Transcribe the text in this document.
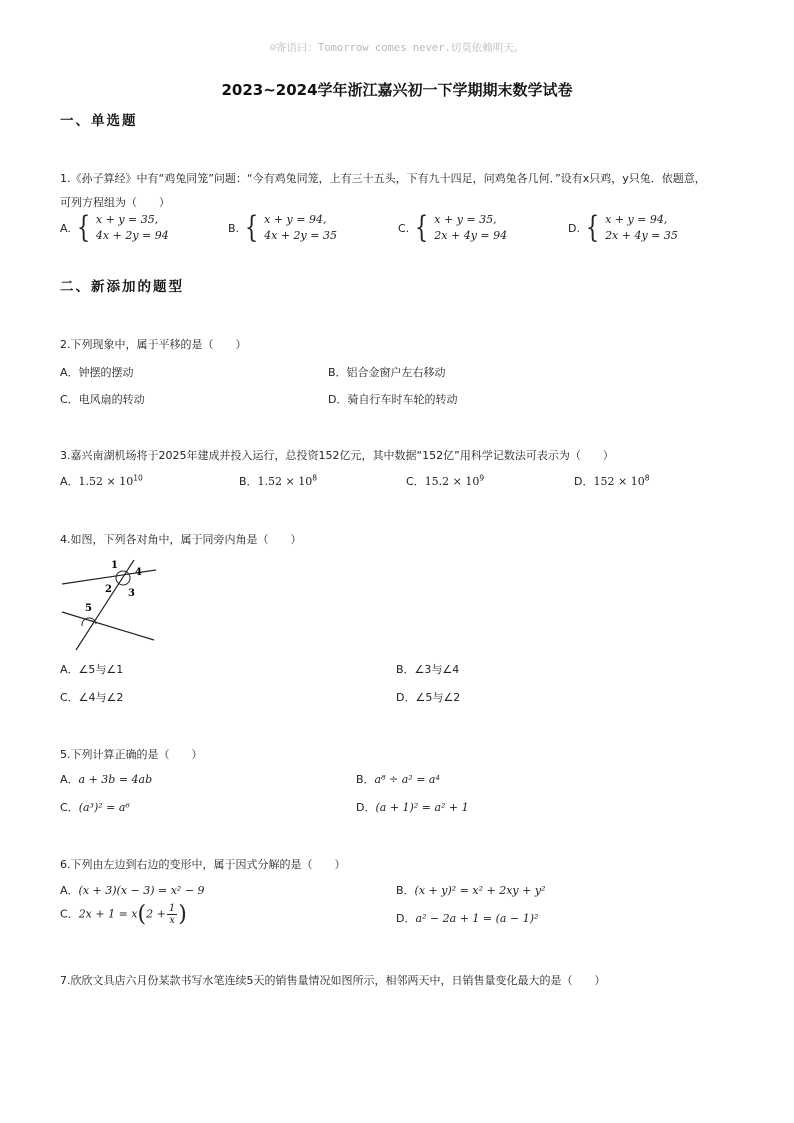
☺寄语曰：Tomorrow comes never.切莫依赖明天。
2023~2024学年浙江嘉兴初一下学期期末数学试卷
一、单选题
1.《孙子算经》中有“鸡兔同笼”问题：“今有鸡兔同笼，上有三十五头，下有九十四足，问鸡兔各几何．”设有x只鸡，y只兔．依题意，
可列方程组为（　　）
A. { x + y = 35,
4x + 2y = 94
B. { x + y = 94,
4x + 2y = 35
C. { x + y = 35,
2x + 4y = 94
D. { x + y = 94,
2x + 4y = 35
二、新添加的题型
2.下列现象中，属于平移的是（　　）
A．钟摆的摆动	B．铝合金窗户左右移动
C．电风扇的转动	D．骑自行车时车轮的转动
3.嘉兴南湖机场将于2025年建成并投入运行，总投资152亿元，其中数据“152亿”用科学记数法可表示为（　　）
A．$1.52 \times 10^{10}$	B．$1.52 \times 10^8$	C．$15.2 \times 10^9$	D．$152 \times 10^8$
4.如图，下列各对角中，属于同旁内角是（　　）
1
2 3
4
5
A．∠5与∠1	B．∠3与∠4
C．∠4与∠2	D．∠5与∠2
5.下列计算正确的是（　　）
A．a + 3b = 4ab	B．a⁸ ÷ a² = a⁴
C．(a³)² = a⁶	D．(a + 1)² = a² + 1
6.下列由左边到右边的变形中，属于因式分解的是（　　）
A．(x + 3)(x − 3) = x² − 9	B．(x + y)² = x² + 2xy + y²
C．$2x + 1 = x(2 + \frac{1}{x}$ )	D．a² − 2a + 1 = (a − 1)²
7.欣欣文具店六月份某款书写水笔连续5天的销售量情况如图所示，相邻两天中，日销售量变化最大的是（　　）
